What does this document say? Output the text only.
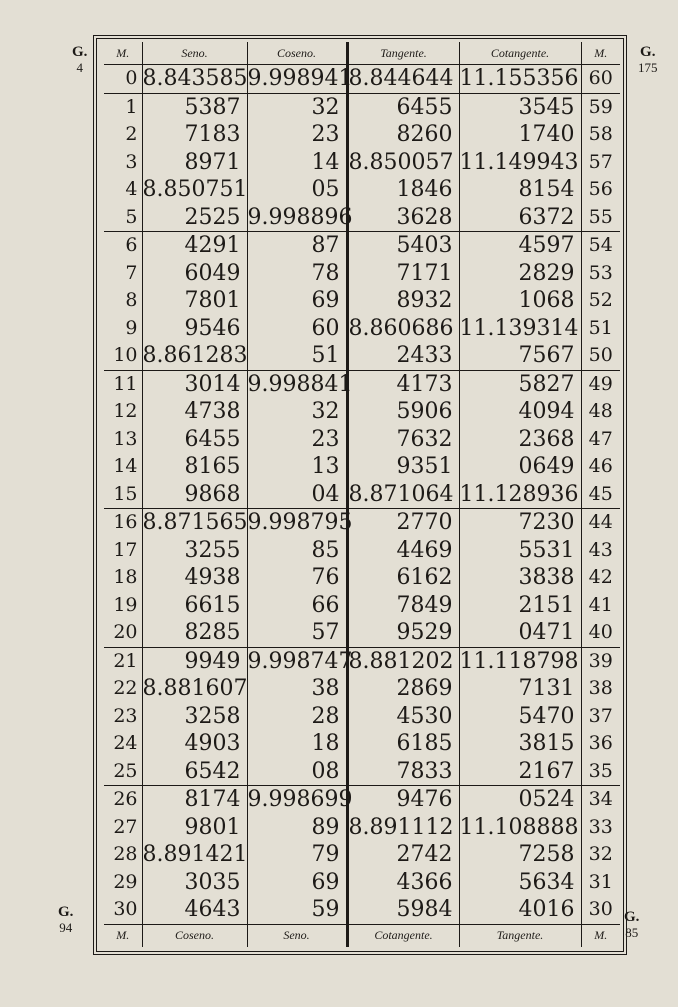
G.
4
G.
175
G.
94
G.
85
M.	Seno.	Coseno.	Tangente.	Cotangente.	M.
0	8.843585	9.998941	8.844644	11.155356	60
1	5387	32	6455	3545	59
2	7183	23	8260	1740	58
3	8971	14	8.850057	11.149943	57
4	8.850751	05	1846	8154	56
5	2525	9.998896	3628	6372	55
6	4291	87	5403	4597	54
7	6049	78	7171	2829	53
8	7801	69	8932	1068	52
9	9546	60	8.860686	11.139314	51
10	8.861283	51	2433	7567	50
11	3014	9.998841	4173	5827	49
12	4738	32	5906	4094	48
13	6455	23	7632	2368	47
14	8165	13	9351	0649	46
15	9868	04	8.871064	11.128936	45
16	8.871565	9.998795	2770	7230	44
17	3255	85	4469	5531	43
18	4938	76	6162	3838	42
19	6615	66	7849	2151	41
20	8285	57	9529	0471	40
21	9949	9.998747	8.881202	11.118798	39
22	8.881607	38	2869	7131	38
23	3258	28	4530	5470	37
24	4903	18	6185	3815	36
25	6542	08	7833	2167	35
26	8174	9.998699	9476	0524	34
27	9801	89	8.891112	11.108888	33
28	8.891421	79	2742	7258	32
29	3035	69	4366	5634	31
30	4643	59	5984	4016	30
M.	Coseno.	Seno.	Cotangente.	Tangente.	M.
